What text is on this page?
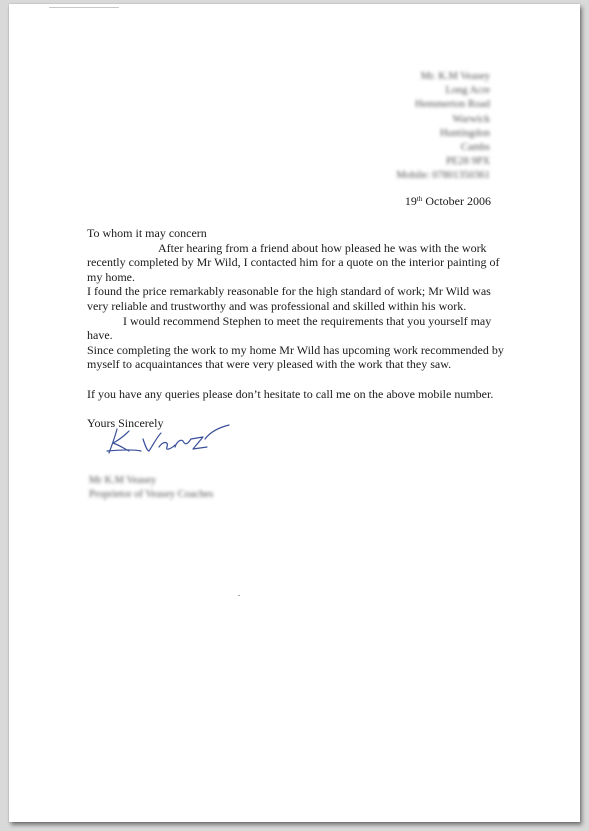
Mr. K.M Veasey
Long Acre
Hemmerton Road
Warwick
Huntingdon
Cambs
PE28 9PX
Mobile: 07801350361
19th October 2006

To whom it may concern

After hearing from a friend about how pleased he was with the work recently completed by Mr Wild, I contacted him for a quote on the interior painting of my home.

I found the price remarkably reasonable for the high standard of work; Mr Wild was very reliable and trustworthy and was professional and skilled within his work.

I would recommend Stephen to meet the requirements that you yourself may have.

Since completing the work to my home Mr Wild has upcoming work recommended by myself to acquaintances that were very pleased with the work that they saw.

If you have any queries please don’t hesitate to call me on the above mobile number.

Yours Sincerely

Mr K.M Veasey
Proprietor of Veasey Coaches
